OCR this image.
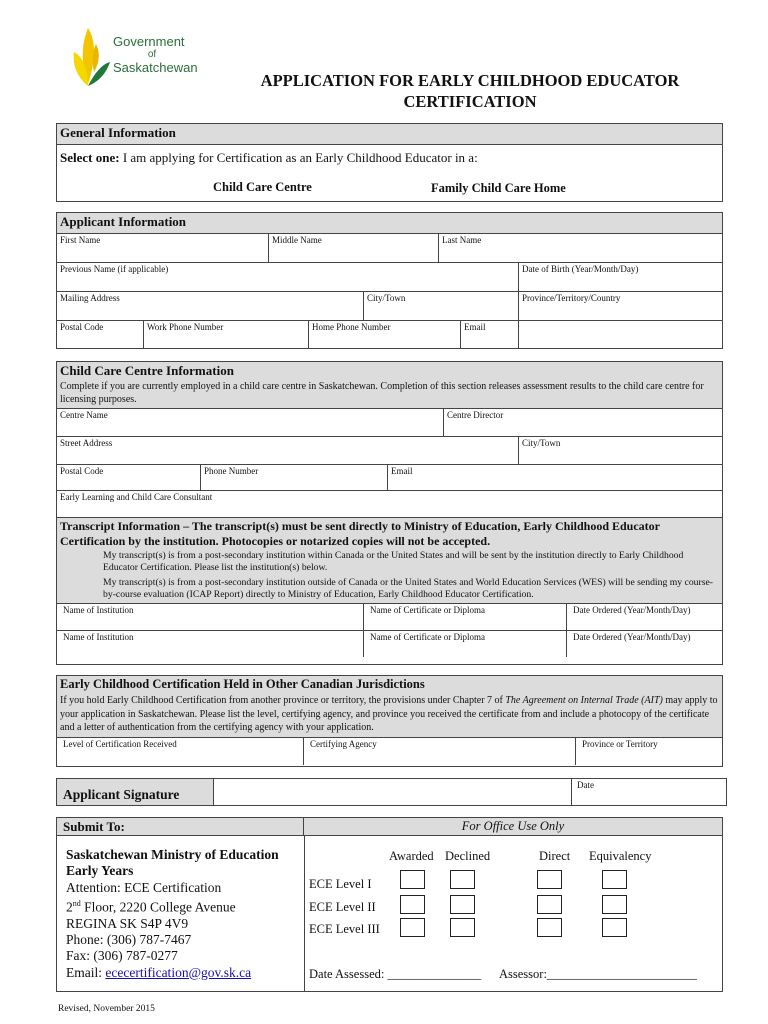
Government

of
Saskatchewan
APPLICATION FOR EARLY CHILDHOOD EDUCATOR
CERTIFICATION
General Information
Select one: I am applying for Certification as an Early Childhood Educator in a:
Child Care Centre	Family Child Care Home
Applicant Information
First Name	Middle Name	Last Name
Previous Name (if applicable)	Date of Birth (Year/Month/Day)
Mailing Address	City/Town	Province/Territory/Country
Postal Code	Work Phone Number	Home Phone Number	Email
Child Care Centre Information
Complete if you are currently employed in a child care centre in Saskatchewan. Completion of this section releases assessment results to the child care centre for licensing purposes.
Centre Name	Centre Director
Street Address	City/Town
Postal Code	Phone Number	Email
Early Learning and Child Care Consultant
Transcript Information – The transcript(s) must be sent directly to Ministry of Education, Early Childhood Educator Certification by the institution. Photocopies or notarized copies will not be accepted.
My transcript(s) is from a post-secondary institution within Canada or the United States and will be sent by the institution directly to Early Childhood Educator Certification. Please list the institution(s) below.
My transcript(s) is from a post-secondary institution outside of Canada or the United States and World Education Services (WES) will be sending my course-by-course evaluation (ICAP Report) directly to Ministry of Education, Early Childhood Educator Certification.
Name of Institution	Name of Certificate or Diploma	Date Ordered (Year/Month/Day)
Name of Institution	Name of Certificate or Diploma	Date Ordered (Year/Month/Day)
Early Childhood Certification Held in Other Canadian Jurisdictions
If you hold Early Childhood Certification from another province or territory, the provisions under Chapter 7 of The Agreement on Internal Trade (AIT) may apply to your application in Saskatchewan. Please list the level, certifying agency, and province you received the certificate from and include a photocopy of the certificate and a letter of authentication from the certifying agency with your application.
Level of Certification Received	Certifying Agency	Province or Territory
Applicant Signature
Date
Submit To:	For Office Use Only
Saskatchewan Ministry of Education
Early Years
Attention: ECE Certification
2nd Floor, 2220 College Avenue
REGINA SK S4P 4V9
Phone: (306) 787-7467
Fax: (306) 787-0277
Email: ececertification@gov.sk.ca
Awarded Declined	Direct Equivalency
ECE Level I
ECE Level II
ECE Level III
Date Assessed: _______________ Assessor:________________________
Revised, November 2015
